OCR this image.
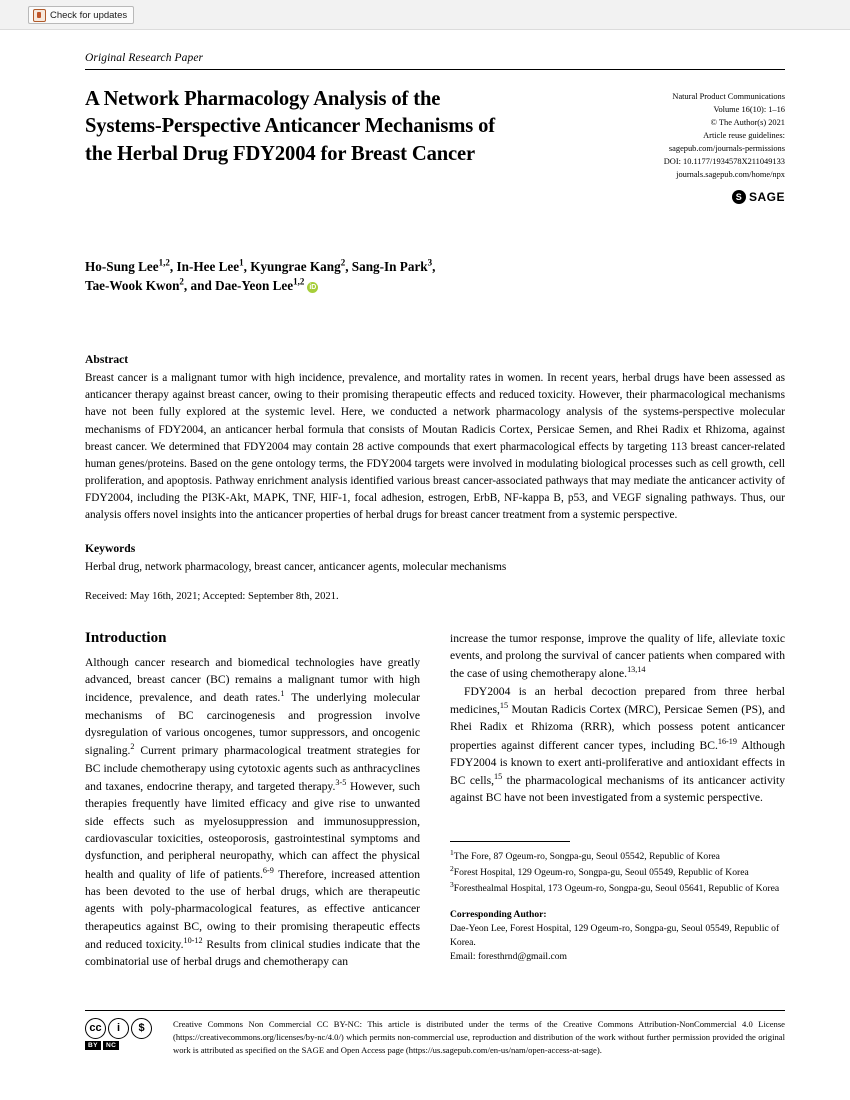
Check for updates
Original Research Paper
A Network Pharmacology Analysis of the Systems-Perspective Anticancer Mechanisms of the Herbal Drug FDY2004 for Breast Cancer
Natural Product Communications
Volume 16(10): 1–16
© The Author(s) 2021
Article reuse guidelines:
sagepub.com/journals-permissions
DOI: 10.1177/1934578X211049133
journals.sagepub.com/home/npx
S SAGE
Ho-Sung Lee$^{1,2}$, In-Hee Lee$^1$, Kyungrae Kang$^2$, Sang-In Park$^3$,
Tae-Wook Kwon$^2$, and Dae-Yeon Lee$^{1,2}$iD
Abstract
Breast cancer is a malignant tumor with high incidence, prevalence, and mortality rates in women. In recent years, herbal drugs have been assessed as anticancer therapy against breast cancer, owing to their promising therapeutic effects and reduced toxicity. However, their pharmacological mechanisms have not been fully explored at the systemic level. Here, we conducted a network pharmacology analysis of the systems-perspective molecular mechanisms of FDY2004, an anticancer herbal formula that consists of Moutan Radicis Cortex, Persicae Semen, and Rhei Radix et Rhizoma, against breast cancer. We determined that FDY2004 may contain 28 active compounds that exert pharmacological effects by targeting 113 breast cancer-related human genes/proteins. Based on the gene ontology terms, the FDY2004 targets were involved in modulating biological processes such as cell growth, cell proliferation, and apoptosis. Pathway enrichment analysis identified various breast cancer-associated pathways that may mediate the anticancer activity of FDY2004, including the PI3K-Akt, MAPK, TNF, HIF-1, focal adhesion, estrogen, ErbB, NF-kappa B, p53, and VEGF signaling pathways. Thus, our analysis offers novel insights into the anticancer properties of herbal drugs for breast cancer treatment from a systemic perspective.
Keywords
Herbal drug, network pharmacology, breast cancer, anticancer agents, molecular mechanisms
Received: May 16th, 2021; Accepted: September 8th, 2021.
Introduction
Although cancer research and biomedical technologies have greatly advanced, breast cancer (BC) remains a malignant tumor with high incidence, prevalence, and death rates.$^1$ The underlying molecular mechanisms of BC carcinogenesis and progression involve dysregulation of various oncogenes, tumor suppressors, and oncogenic signaling.$^2$ Current primary pharmacological treatment strategies for BC include chemotherapy using cytotoxic agents such as anthracyclines and taxanes, endocrine therapy, and targeted therapy.$^{3-5}$ However, such therapies frequently have limited efficacy and give rise to unwanted side effects such as myelosuppression and immunosuppression, cardiovascular toxicities, osteoporosis, gastrointestinal symptoms and dysfunction, and peripheral neuropathy, which can affect the physical health and quality of life of patients.$^{6-9}$ Therefore, increased attention has been devoted to the use of herbal drugs, which are therapeutic agents with poly-pharmacological features, as effective anticancer therapeutics against BC, owing to their promising therapeutic effects and reduced toxicity.$^{10-12}$ Results from clinical studies indicate that the combinatorial use of herbal drugs and chemotherapy can
increase the tumor response, improve the quality of life, alleviate toxic events, and prolong the survival of cancer patients when compared with the case of using chemotherapy alone.$^{13,14}$
FDY2004 is an herbal decoction prepared from three herbal medicines,$^{15}$ Moutan Radicis Cortex (MRC), Persicae Semen (PS), and Rhei Radix et Rhizoma (RRR), which possess potent anticancer properties against different cancer types, including BC.$^{16-19}$ Although FDY2004 is known to exert anti-proliferative and antioxidant effects in BC cells,$^{15}$ the pharmacological mechanisms of its anticancer activity against BC have not been investigated from a systemic perspective.
$^1$The Fore, 87 Ogeum-ro, Songpa-gu, Seoul 05542, Republic of Korea
$^2$Forest Hospital, 129 Ogeum-ro, Songpa-gu, Seoul 05549, Republic of Korea
$^3$Foresthealmal Hospital, 173 Ogeum-ro, Songpa-gu, Seoul 05641, Republic of Korea
Corresponding Author:
Dae-Yeon Lee, Forest Hospital, 129 Ogeum-ro, Songpa-gu, Seoul 05549, Republic of Korea.
Email: foresthrnd@gmail.com
cc	i	$
BY	NC
Creative Commons Non Commercial CC BY-NC: This article is distributed under the terms of the Creative Commons Attribution-NonCommercial 4.0 License (https://creativecommons.org/licenses/by-nc/4.0/) which permits non-commercial use, reproduction and distribution of the work without further permission provided the original work is attributed as specified on the SAGE and Open Access page (https://us.sagepub.com/en-us/nam/open-access-at-sage).
